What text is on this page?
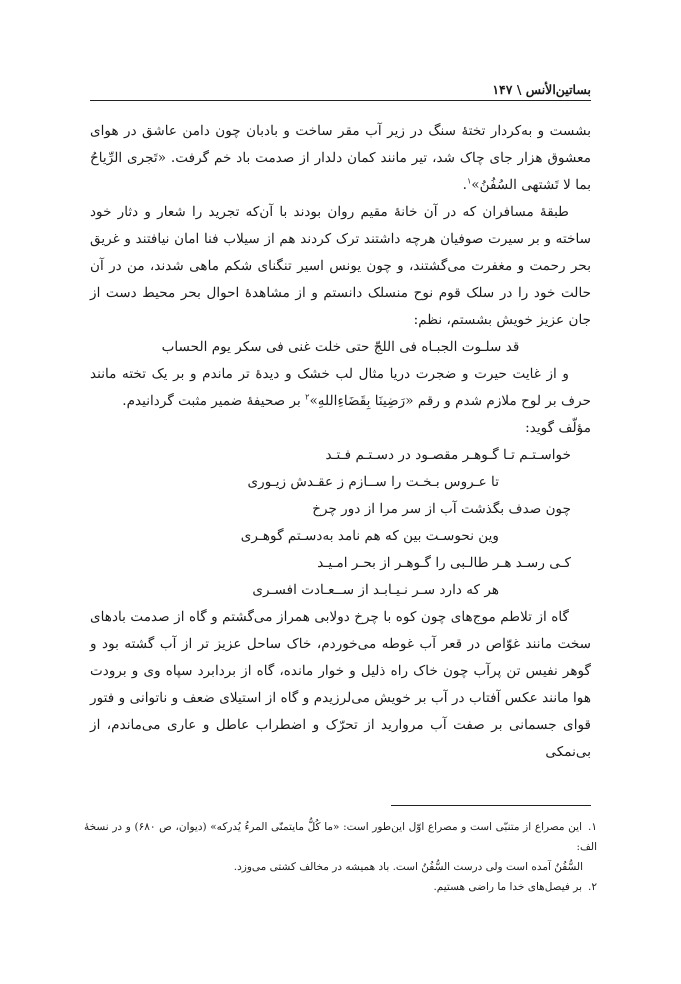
بساتین‌الأنس \ ۱۴۷

بشست و به‌کردار تختهٔ سنگ در زیر آب مقر ساخت و بادبان چون دامن عاشق در هوای معشوق هزار جای چاک شد، تیر مانند کمان دلدار از صدمت باد خم گرفت. «تَجری الرِّیاحُ بما لا تَشتهی السُفُنُ»$^۱$.

طبقهٔ مسافران که در آن خانهٔ مقیم روان بودند با آن‌که تجرید را شعار و دثار خود ساخته و بر سیرت صوفیان هرچه داشتند ترک کردند هم از سیلاب فنا امان نیافتند و غریق بحر رحمت و مغفرت می‌گشتند، و چون یونس اسیر تنگنای شکم ماهی شدند، من در آن حالت خود را در سلک قوم نوح منسلک دانستم و از مشاهدهٔ احوال بحر محیط دست از جان عزیز خویش بشستم، نظم:

قد سلـوت الجبـاه فی اللجّ حتی خلت غنی فی سکر یوم الحساب

و از غایت حیرت و ضجرت دریا مثال لب خشک و دیدهٔ تر ماندم و بر یک تخته مانند حرف بر لوح ملازم شدم و رقم «رَضِینَا بِقَضَاءِاللهِ»$^۲$ بر صحیفهٔ ضمیر مثبت گردانیدم.

مؤلّف گوید:

خواسـتـم تـا گـوهـر مقصـود در دسـتـم فـتـد

تا عـروس بـخـت را ســازم ز عقـدش زیـوری

چون صدف بگذشت آب از سر مرا از دور چرخ

وین نحوسـت بین که هم نامد به‌دسـتم گوهـری

کـی رسـد هـر طالـبی را گـوهـر از بحـر امـیـد

هر که دارد سـر نـیـابـد از ســعـادت افسـری

گاه از تلاطم موج‌های چون کوه با چرخ دولابی همراز می‌گشتم و گاه از صدمت بادهای سخت مانند غوّاص در قعر آب غوطه می‌خوردم، خاک ساحل عزیز تر از آب گشته بود و گوهر نفیس تن پرآب چون خاک راه ذلیل و خوار مانده، گاه از بردابرد سپاه وی و برودت هوا مانند عکس آفتاب در آب بر خویش می‌لرزیدم و گاه از استیلای ضعف و ناتوانی و فتور قوای جسمانی بر صفت آب مروارید از تحرّک و اضطراب عاطل و عاری می‌ماندم، از بی‌نمکی

۱.این مصراع از متنبّی است و مصراع اوّل این‌طور است: «ما کُلُّ مایتمنّی المرءُ یُدرکه» (دیوان، ص ۶۸۰) و در نسخهٔ الف:

السُّفُنُ آمده است ولی درست السُّفُنُ است. باد همیشه در مخالف کشتی می‌وزد.

۲.بر فیصل‌های خدا ما راضی هستیم.
